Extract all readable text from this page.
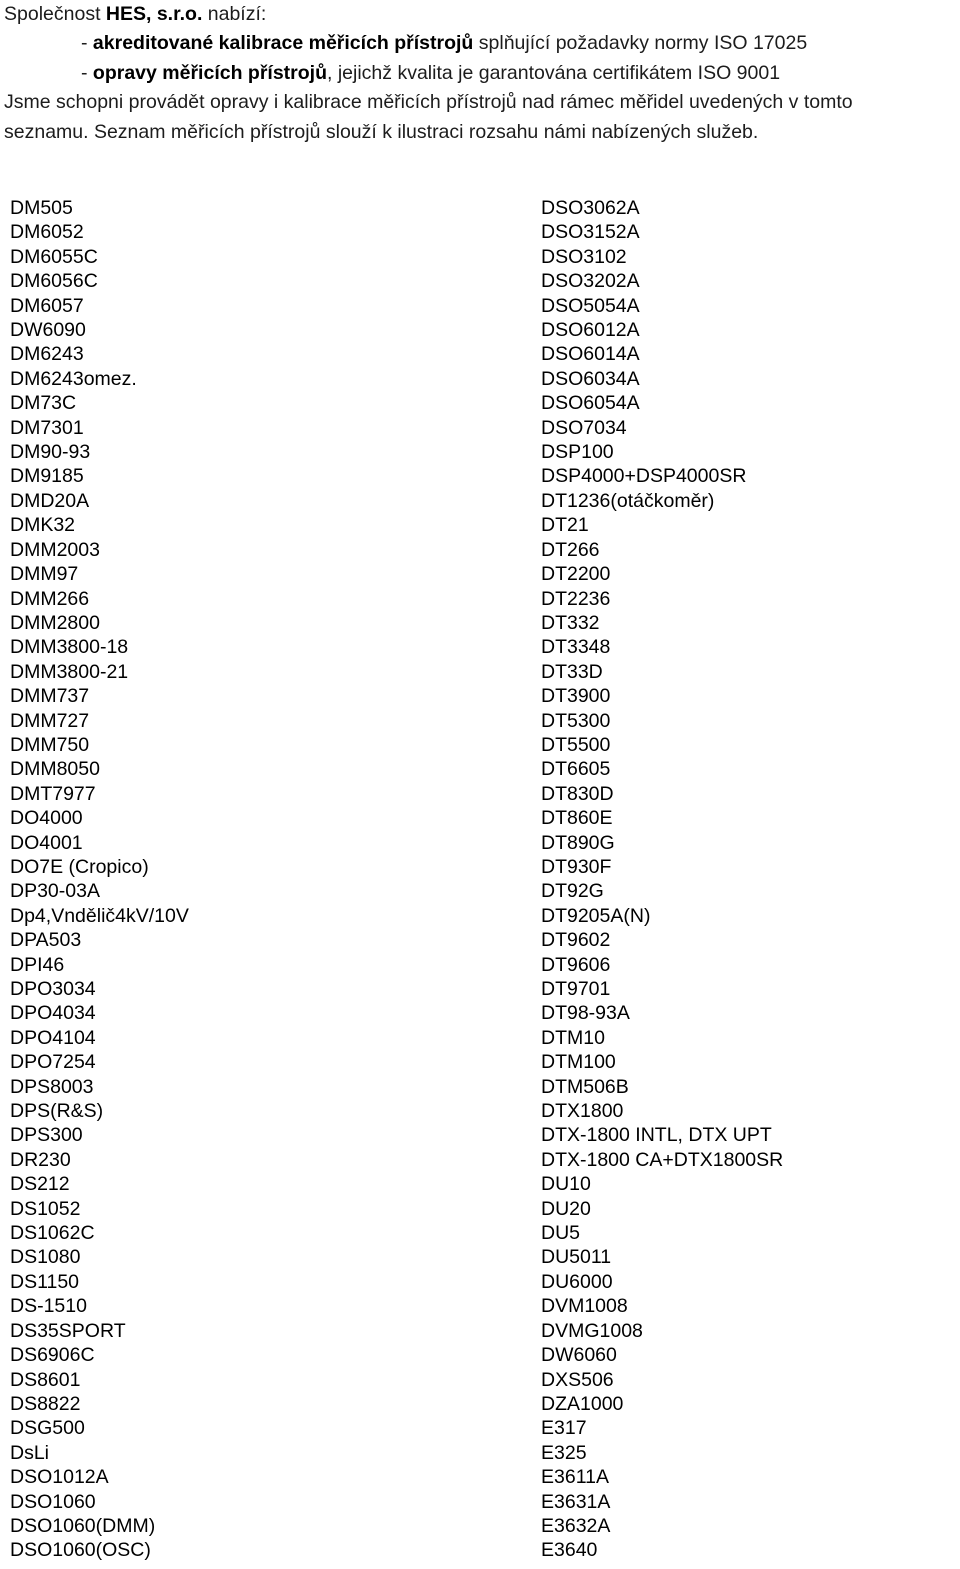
Společnost HES, s.r.o. nabízí:
- akreditované kalibrace měřicích přístrojů splňující požadavky normy ISO 17025
- opravy měřicích přístrojů, jejichž kvalita je garantována certifikátem ISO 9001
Jsme schopni provádět opravy i kalibrace měřicích přístrojů nad rámec měřidel uvedených v tomto
seznamu. Seznam měřicích přístrojů slouží k ilustraci rozsahu námi nabízených služeb.
DM505
DM6052
DM6055C
DM6056C
DM6057
DW6090
DM6243
DM6243omez.
DM73C
DM7301
DM90-93
DM9185
DMD20A
DMK32
DMM2003
DMM97
DMM266
DMM2800
DMM3800-18
DMM3800-21
DMM737
DMM727
DMM750
DMM8050
DMT7977
DO4000
DO4001
DO7E (Cropico)
DP30-03A
Dp4,Vndělič4kV/10V
DPA503
DPI46
DPO3034
DPO4034
DPO4104
DPO7254
DPS8003
DPS(R&S)
DPS300
DR230
DS212
DS1052
DS1062C
DS1080
DS1150
DS-1510
DS35SPORT
DS6906C
DS8601
DS8822
DSG500
DsLi
DSO1012A
DSO1060
DSO1060(DMM)
DSO1060(OSC)
DSO3062A
DSO3152A
DSO3102
DSO3202A
DSO5054A
DSO6012A
DSO6014A
DSO6034A
DSO6054A
DSO7034
DSP100
DSP4000+DSP4000SR
DT1236(otáčkoměr)
DT21
DT266
DT2200
DT2236
DT332
DT3348
DT33D
DT3900
DT5300
DT5500
DT6605
DT830D
DT860E
DT890G
DT930F
DT92G
DT9205A(N)
DT9602
DT9606
DT9701
DT98-93A
DTM10
DTM100
DTM506B
DTX1800
DTX-1800 INTL, DTX UPT
DTX-1800 CA+DTX1800SR
DU10
DU20
DU5
DU5011
DU6000
DVM1008
DVMG1008
DW6060
DXS506
DZA1000
E317
E325
E3611A
E3631A
E3632A
E3640
